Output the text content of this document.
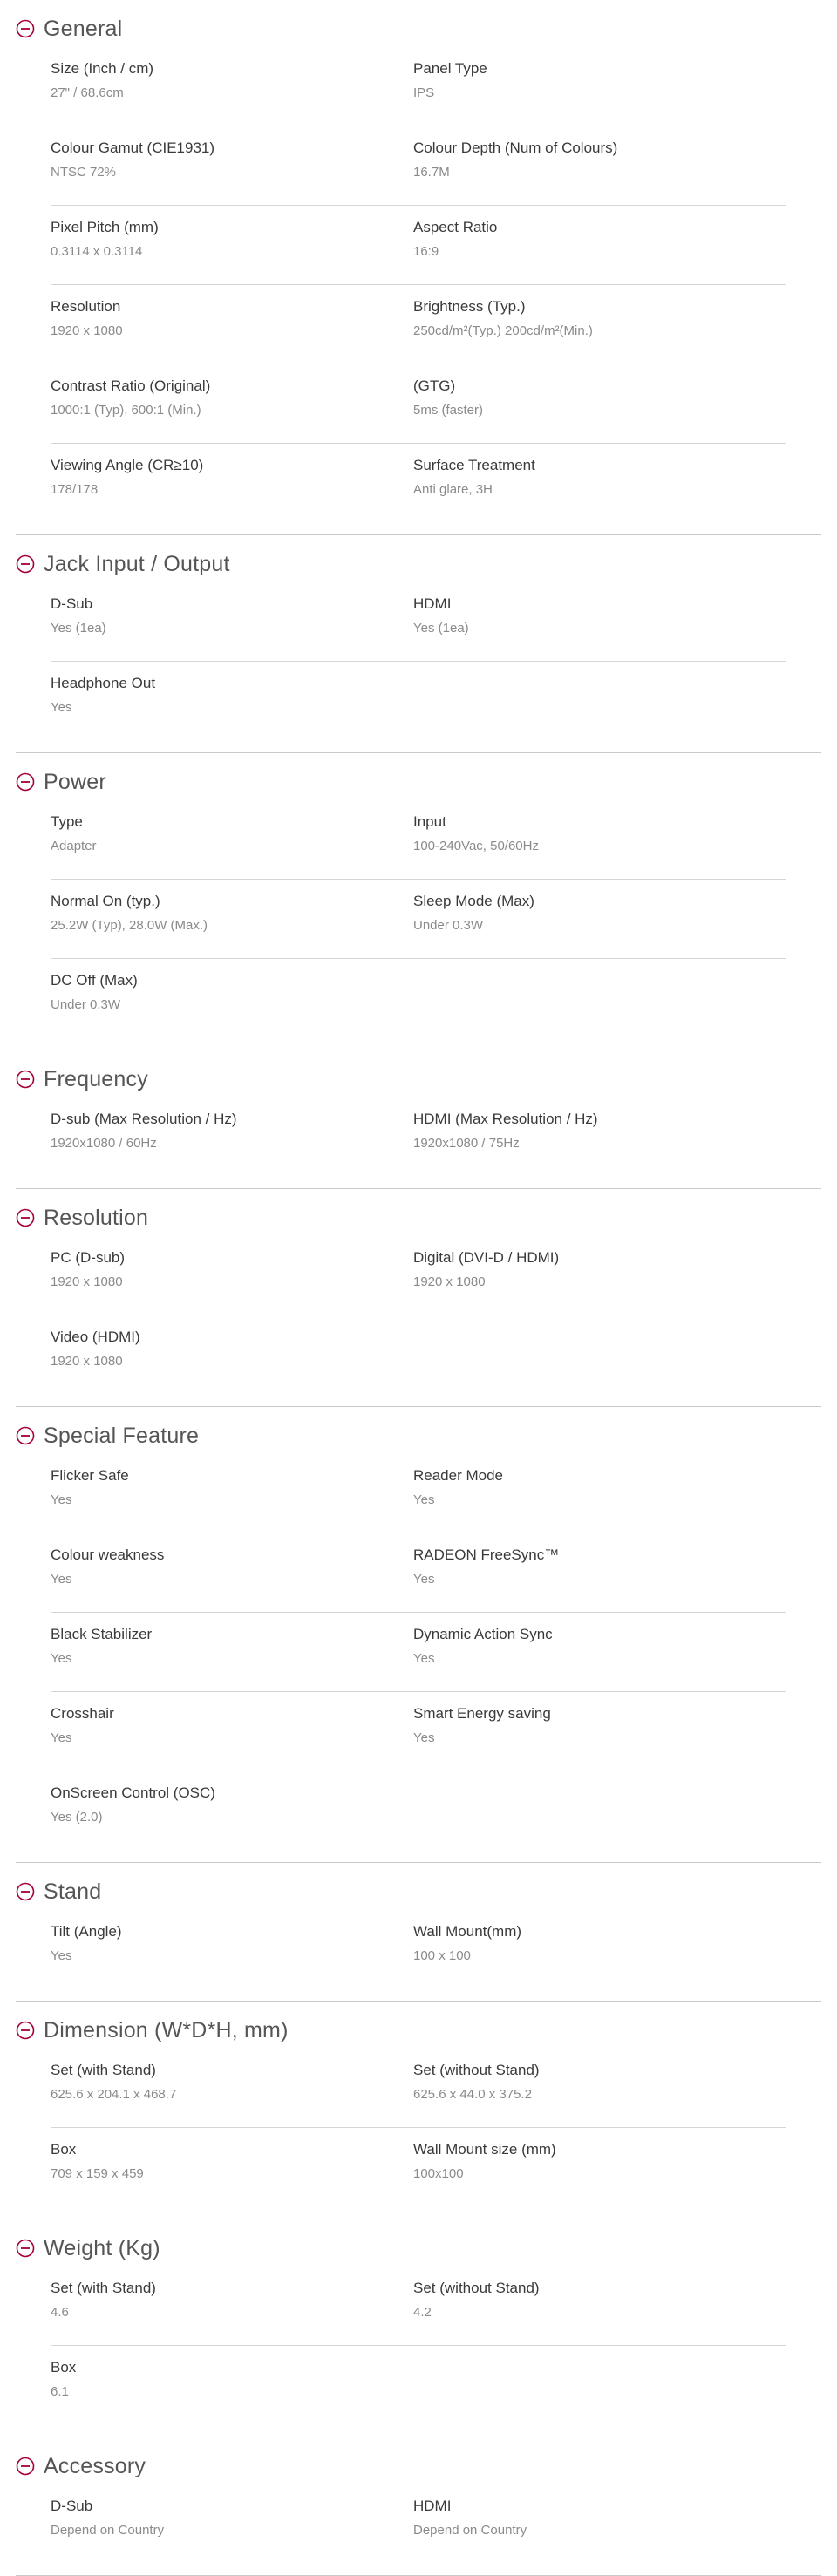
General
Size (Inch / cm)
27" / 68.6cm
Panel Type
IPS
Colour Gamut (CIE1931)
NTSC 72%
Colour Depth (Num of Colours)
16.7M
Pixel Pitch (mm)
0.3114 x 0.3114
Aspect Ratio
16:9
Resolution
1920 x 1080
Brightness (Typ.)
250cd/m²(Typ.) 200cd/m²(Min.)
Contrast Ratio (Original)
1000:1 (Typ), 600:1 (Min.)
(GTG)
5ms (faster)
Viewing Angle (CR≥10)
178/178
Surface Treatment
Anti glare, 3H
Jack Input / Output
D-Sub
Yes (1ea)
HDMI
Yes (1ea)
Headphone Out
Yes
Power
Type
Adapter
Input
100-240Vac, 50/60Hz
Normal On (typ.)
25.2W (Typ), 28.0W (Max.)
Sleep Mode (Max)
Under 0.3W
DC Off (Max)
Under 0.3W
Frequency
D-sub (Max Resolution / Hz)
1920x1080 / 60Hz
HDMI (Max Resolution / Hz)
1920x1080 / 75Hz
Resolution
PC (D-sub)
1920 x 1080
Digital (DVI-D / HDMI)
1920 x 1080
Video (HDMI)
1920 x 1080
Special Feature
Flicker Safe
Yes
Reader Mode
Yes
Colour weakness
Yes
RADEON FreeSync™
Yes
Black Stabilizer
Yes
Dynamic Action Sync
Yes
Crosshair
Yes
Smart Energy saving
Yes
OnScreen Control (OSC)
Yes (2.0)
Stand
Tilt (Angle)
Yes
Wall Mount(mm)
100 x 100
Dimension (W*D*H, mm)
Set (with Stand)
625.6 x 204.1 x 468.7
Set (without Stand)
625.6 x 44.0 x 375.2
Box
709 x 159 x 459
Wall Mount size (mm)
100x100
Weight (Kg)
Set (with Stand)
4.6
Set (without Stand)
4.2
Box
6.1
Accessory
D-Sub
Depend on Country
HDMI
Depend on Country
